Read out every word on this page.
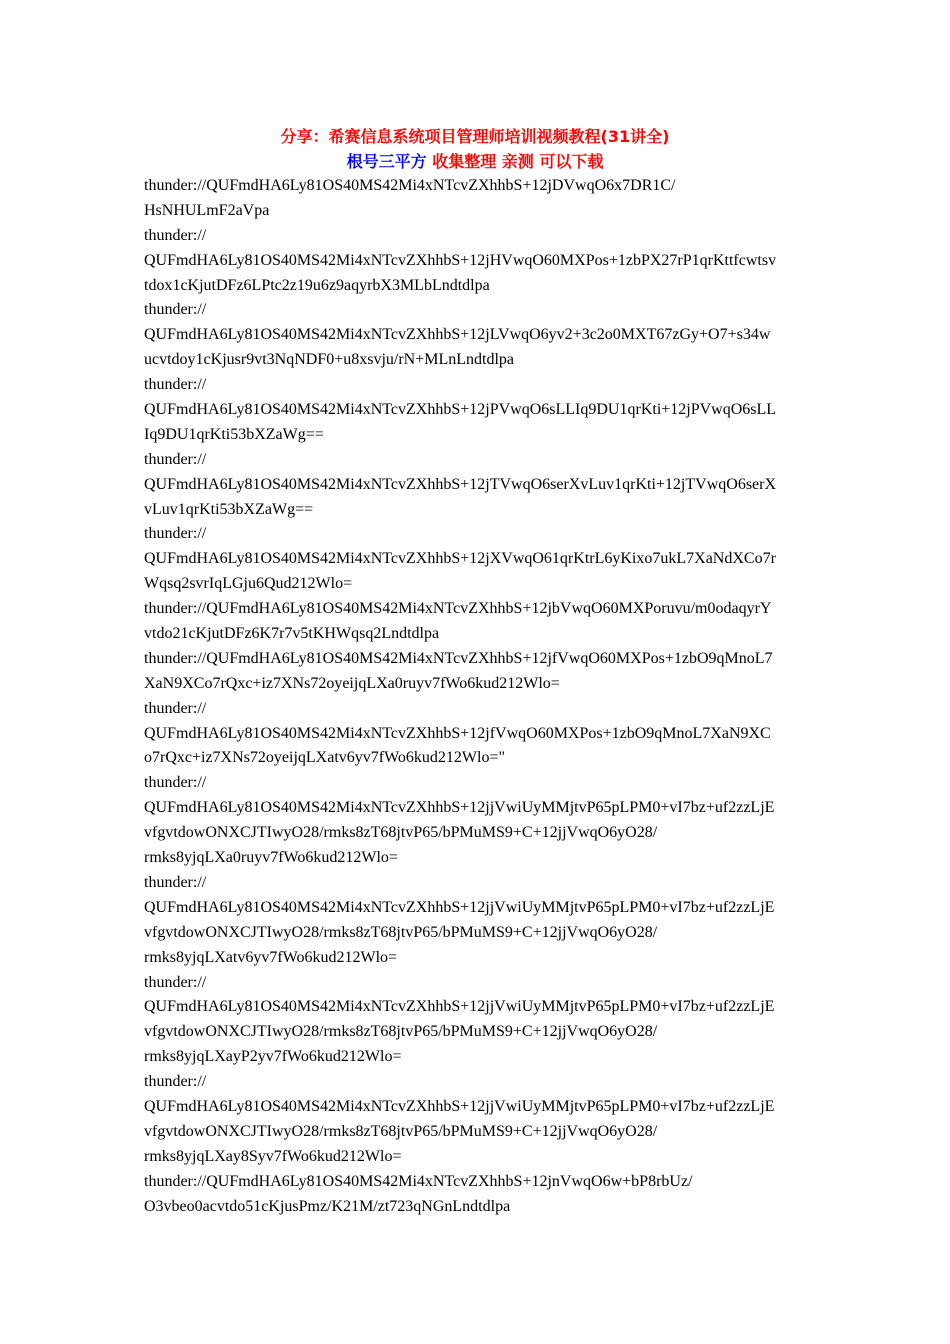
分享：希赛信息系统项目管理师培训视频教程(31讲全)
根号三平方 收集整理 亲测 可以下载
thunder://QUFmdHA6Ly81OS40MS42Mi4xNTcvZXhhbS+12jDVwqO6x7DR1C/
HsNHULmF2aVpa
thunder://
QUFmdHA6Ly81OS40MS42Mi4xNTcvZXhhbS+12jHVwqO60MXPos+1zbPX27rP1qrKttfcwtsv
tdox1cKjutDFz6LPtc2z19u6z9aqyrbX3MLbLndtdlpa
thunder://
QUFmdHA6Ly81OS40MS42Mi4xNTcvZXhhbS+12jLVwqO6yv2+3c2o0MXT67zGy+O7+s34w
ucvtdoy1cKjusr9vt3NqNDF0+u8xsvju/rN+MLnLndtdlpa
thunder://
QUFmdHA6Ly81OS40MS42Mi4xNTcvZXhhbS+12jPVwqO6sLLIq9DU1qrKti+12jPVwqO6sLL
Iq9DU1qrKti53bXZaWg==
thunder://
QUFmdHA6Ly81OS40MS42Mi4xNTcvZXhhbS+12jTVwqO6serXvLuv1qrKti+12jTVwqO6serX
vLuv1qrKti53bXZaWg==
thunder://
QUFmdHA6Ly81OS40MS42Mi4xNTcvZXhhbS+12jXVwqO61qrKtrL6yKixo7ukL7XaNdXCo7r
Wqsq2svrIqLGju6Qud212Wlo=
thunder://QUFmdHA6Ly81OS40MS42Mi4xNTcvZXhhbS+12jbVwqO60MXPoruvu/m0odaqyrY
vtdo21cKjutDFz6K7r7v5tKHWqsq2Lndtdlpa
thunder://QUFmdHA6Ly81OS40MS42Mi4xNTcvZXhhbS+12jfVwqO60MXPos+1zbO9qMnoL7
XaN9XCo7rQxc+iz7XNs72oyeijqLXa0ruyv7fWo6kud212Wlo=
thunder://
QUFmdHA6Ly81OS40MS42Mi4xNTcvZXhhbS+12jfVwqO60MXPos+1zbO9qMnoL7XaN9XC
o7rQxc+iz7XNs72oyeijqLXatv6yv7fWo6kud212Wlo="
thunder://
QUFmdHA6Ly81OS40MS42Mi4xNTcvZXhhbS+12jjVwiUyMMjtvP65pLPM0+vI7bz+uf2zzLjE
vfgvtdowONXCJTIwyO28/rmks8zT68jtvP65/bPMuMS9+C+12jjVwqO6yO28/
rmks8yjqLXa0ruyv7fWo6kud212Wlo=
thunder://
QUFmdHA6Ly81OS40MS42Mi4xNTcvZXhhbS+12jjVwiUyMMjtvP65pLPM0+vI7bz+uf2zzLjE
vfgvtdowONXCJTIwyO28/rmks8zT68jtvP65/bPMuMS9+C+12jjVwqO6yO28/
rmks8yjqLXatv6yv7fWo6kud212Wlo=
thunder://
QUFmdHA6Ly81OS40MS42Mi4xNTcvZXhhbS+12jjVwiUyMMjtvP65pLPM0+vI7bz+uf2zzLjE
vfgvtdowONXCJTIwyO28/rmks8zT68jtvP65/bPMuMS9+C+12jjVwqO6yO28/
rmks8yjqLXayP2yv7fWo6kud212Wlo=
thunder://
QUFmdHA6Ly81OS40MS42Mi4xNTcvZXhhbS+12jjVwiUyMMjtvP65pLPM0+vI7bz+uf2zzLjE
vfgvtdowONXCJTIwyO28/rmks8zT68jtvP65/bPMuMS9+C+12jjVwqO6yO28/
rmks8yjqLXay8Syv7fWo6kud212Wlo=
thunder://QUFmdHA6Ly81OS40MS42Mi4xNTcvZXhhbS+12jnVwqO6w+bP8rbUz/
O3vbeo0acvtdo51cKjusPmz/K21M/zt723qNGnLndtdlpa
